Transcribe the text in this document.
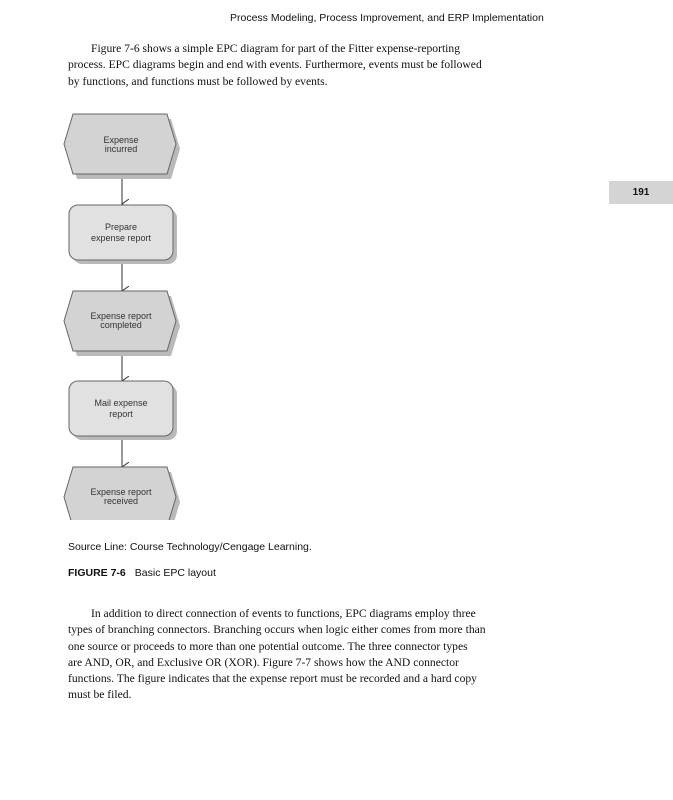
Process Modeling, Process Improvement, and ERP Implementation
191

Figure 7-6 shows a simple EPC diagram for part of the Fitter expense-reporting
process. EPC diagrams begin and end with events. Furthermore, events must be followed
by functions, and functions must be followed by events.

Expense
incurred
Prepare
expense report
Expense report
completed
Mail expense
report
Expense report
received
Source Line: Course Technology/Cengage Learning.
FIGURE 7-6 Basic EPC layout

In addition to direct connection of events to functions, EPC diagrams employ three
types of branching connectors. Branching occurs when logic either comes from more than
one source or proceeds to more than one potential outcome. The three connector types
are AND, OR, and Exclusive OR (XOR). Figure 7-7 shows how the AND connector
functions. The figure indicates that the expense report must be recorded and a hard copy
must be filed.
